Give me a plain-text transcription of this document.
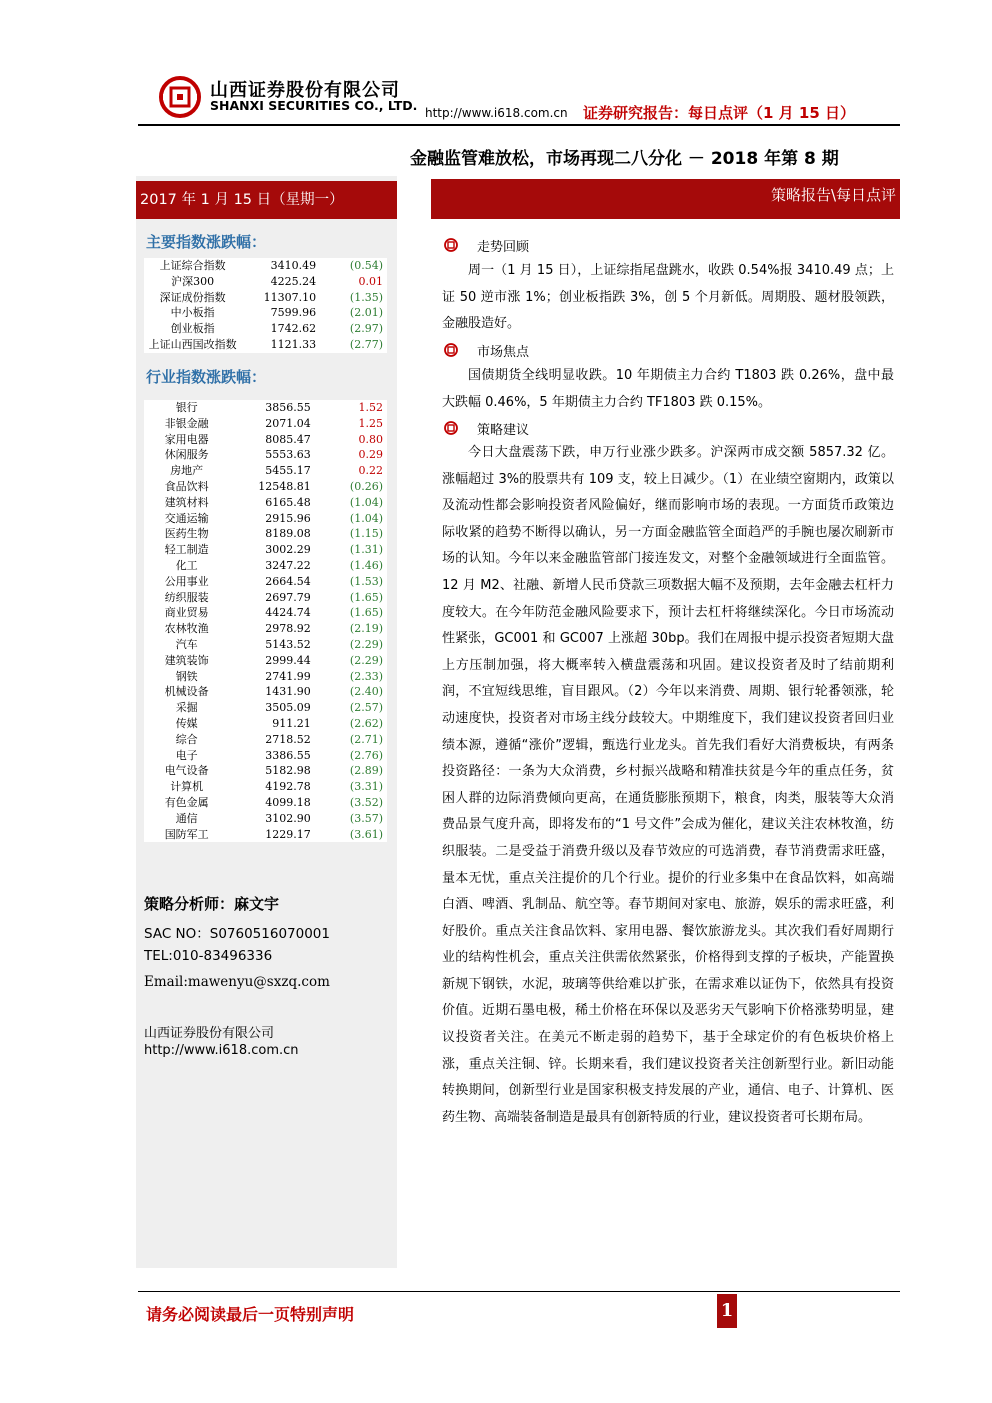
山西证券股份有限公司
SHANXI SECURITIES CO., LTD. http://www.i618.com.cn 证券研究报告：每日点评（1 月 15 日）
金融监管难放松，市场再现二八分化 － 2018 年第 8 期
2017 年 1 月 15 日（星期一）
主要指数涨跌幅：
上证综合指数	3410.49	(0.54)
沪深300	4225.24	0.01
深证成份指数	11307.10	(1.35)
中小板指	7599.96	(2.01)
创业板指	1742.62	(2.97)
上证山西国改指数	1121.33	(2.77)
行业指数涨跌幅：
银行	3856.55	1.52
非银金融	2071.04	1.25
家用电器	8085.47	0.80
休闲服务	5553.63	0.29
房地产	5455.17	0.22
食品饮料	12548.81	(0.26)
建筑材料	6165.48	(1.04)
交通运输	2915.96	(1.04)
医药生物	8189.08	(1.15)
轻工制造	3002.29	(1.31)
化工	3247.22	(1.46)
公用事业	2664.54	(1.53)
纺织服装	2697.79	(1.65)
商业贸易	4424.74	(1.65)
农林牧渔	2978.92	(2.19)
汽车	5143.52	(2.29)
建筑装饰	2999.44	(2.29)
钢铁	2741.99	(2.33)
机械设备	1431.90	(2.40)
采掘	3505.09	(2.57)
传媒	911.21	(2.62)
综合	2718.52	(2.71)
电子	3386.55	(2.76)
电气设备	5182.98	(2.89)
计算机	4192.78	(3.31)
有色金属	4099.18	(3.52)
通信	3102.90	(3.57)
国防军工	1229.17	(3.61)
策略分析师：麻文宇
SAC NO：S0760516070001
TEL:010-83496336
Email:mawenyu@sxzq.com
山西证券股份有限公司
http://www.i618.com.cn
策略报告\每日点评
走势回顾

周一（1 月 15 日），上证综指尾盘跳水，收跌 0.54%报 3410.49 点；上证 50 逆市涨 1%；创业板指跌 3%，创 5 个月新低。周期股、题材股领跌，金融股造好。

市场焦点

国债期货全线明显收跌。10 年期债主力合约 T1803 跌 0.26%，盘中最大跌幅 0.46%，5 年期债主力合约 TF1803 跌 0.15%。

策略建议

今日大盘震荡下跌，申万行业涨少跌多。沪深两市成交额 5857.32 亿。涨幅超过 3%的股票共有 109 支，较上日减少。（1）在业绩空窗期内，政策以及流动性都会影响投资者风险偏好，继而影响市场的表现。一方面货币政策边际收紧的趋势不断得以确认，另一方面金融监管全面趋严的手腕也屡次刷新市场的认知。今年以来金融监管部门接连发文，对整个金融领域进行全面监管。12 月 M2、社融、新增人民币贷款三项数据大幅不及预期，去年金融去杠杆力度较大。在今年防范金融风险要求下，预计去杠杆将继续深化。今日市场流动性紧张，GC001 和 GC007 上涨超 30bp。我们在周报中提示投资者短期大盘上方压制加强，将大概率转入横盘震荡和巩固。建议投资者及时了结前期利润，不宜短线思维，盲目跟风。（2）今年以来消费、周期、银行轮番领涨，轮动速度快，投资者对市场主线分歧较大。中期维度下，我们建议投资者回归业绩本源，遵循“涨价”逻辑，甄选行业龙头。首先我们看好大消费板块，有两条投资路径：一条为大众消费，乡村振兴战略和精准扶贫是今年的重点任务，贫困人群的边际消费倾向更高，在通货膨胀预期下，粮食，肉类，服装等大众消费品景气度升高，即将发布的“1 号文件”会成为催化，建议关注农林牧渔，纺织服装。二是受益于消费升级以及春节效应的可选消费，春节消费需求旺盛，量本无忧，重点关注提价的几个行业。提价的行业多集中在食品饮料，如高端白酒、啤酒、乳制品、航空等。春节期间对家电、旅游，娱乐的需求旺盛，利好股价。重点关注食品饮料、家用电器、餐饮旅游龙头。其次我们看好周期行业的结构性机会，重点关注供需依然紧张，价格得到支撑的子板块，产能置换新规下钢铁，水泥，玻璃等供给难以扩张，在需求难以证伪下，依然具有投资价值。近期石墨电极，稀土价格在环保以及恶劣天气影响下价格涨势明显，建议投资者关注。在美元不断走弱的趋势下，基于全球定价的有色板块价格上涨，重点关注铜、锌。长期来看，我们建议投资者关注创新型行业。新旧动能转换期间，创新型行业是国家积极支持发展的产业，通信、电子、计算机、医药生物、高端装备制造是最具有创新特质的行业，建议投资者可长期布局。

请务必阅读最后一页特别声明	1
